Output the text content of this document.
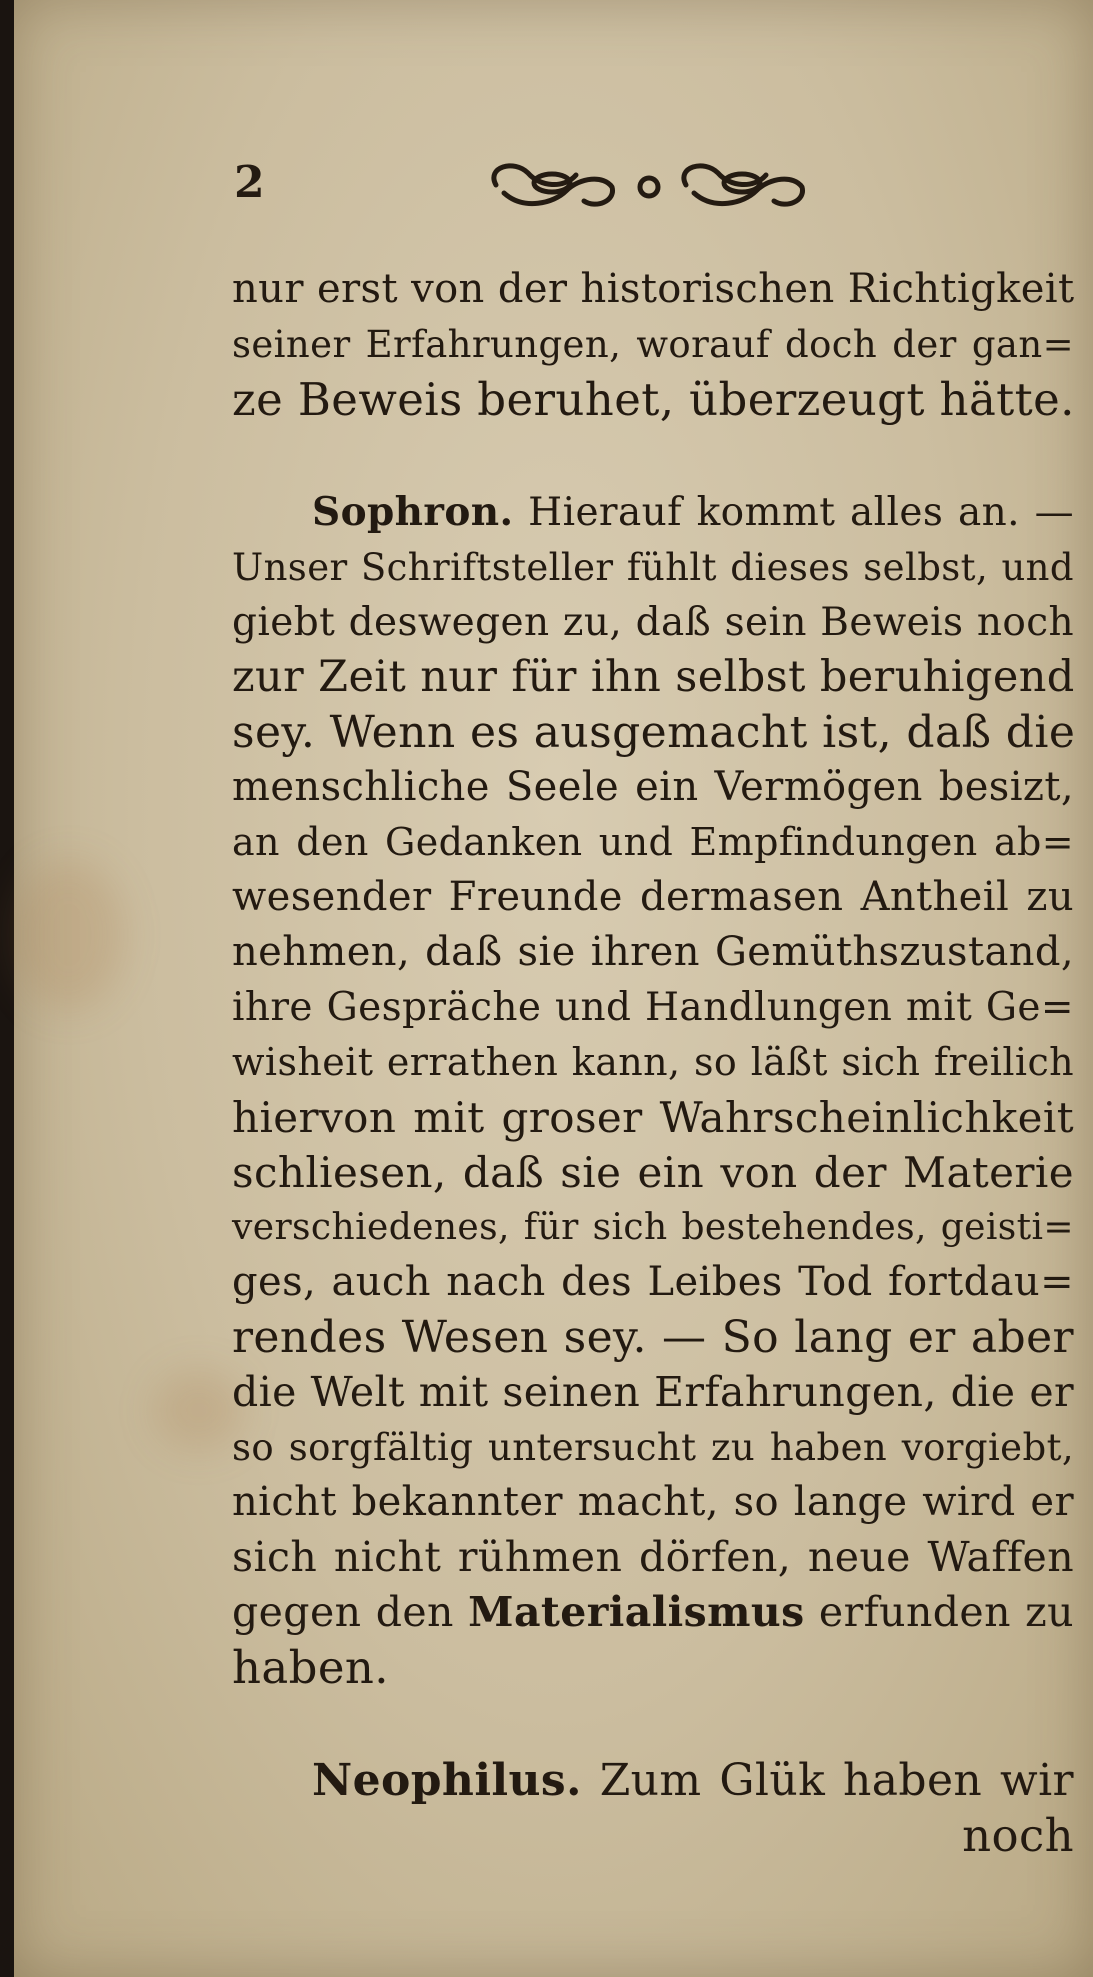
2
nur erst von der historischen Richtigkeit
seiner Erfahrungen, worauf doch der gan=
ze Beweis beruhet, überzeugt hätte.
Sophron. Hierauf kommt alles an. —
Unser Schriftsteller fühlt dieses selbst, und
giebt deswegen zu, daß sein Beweis noch
zur Zeit nur für ihn selbst beruhigend
sey. Wenn es ausgemacht ist, daß die
menschliche Seele ein Vermögen besizt,
an den Gedanken und Empfindungen ab=
wesender Freunde dermasen Antheil zu
nehmen, daß sie ihren Gemüthszustand,
ihre Gespräche und Handlungen mit Ge=
wisheit errathen kann, so läßt sich freilich
hiervon mit groser Wahrscheinlichkeit
schliesen, daß sie ein von der Materie
verschiedenes, für sich bestehendes, geisti=
ges, auch nach des Leibes Tod fortdau=
rendes Wesen sey. — So lang er aber
die Welt mit seinen Erfahrungen, die er
so sorgfältig untersucht zu haben vorgiebt,
nicht bekannter macht, so lange wird er
sich nicht rühmen dörfen, neue Waffen
gegen den Materialismus erfunden zu
haben.
Neophilus. Zum Glük haben wir
noch
